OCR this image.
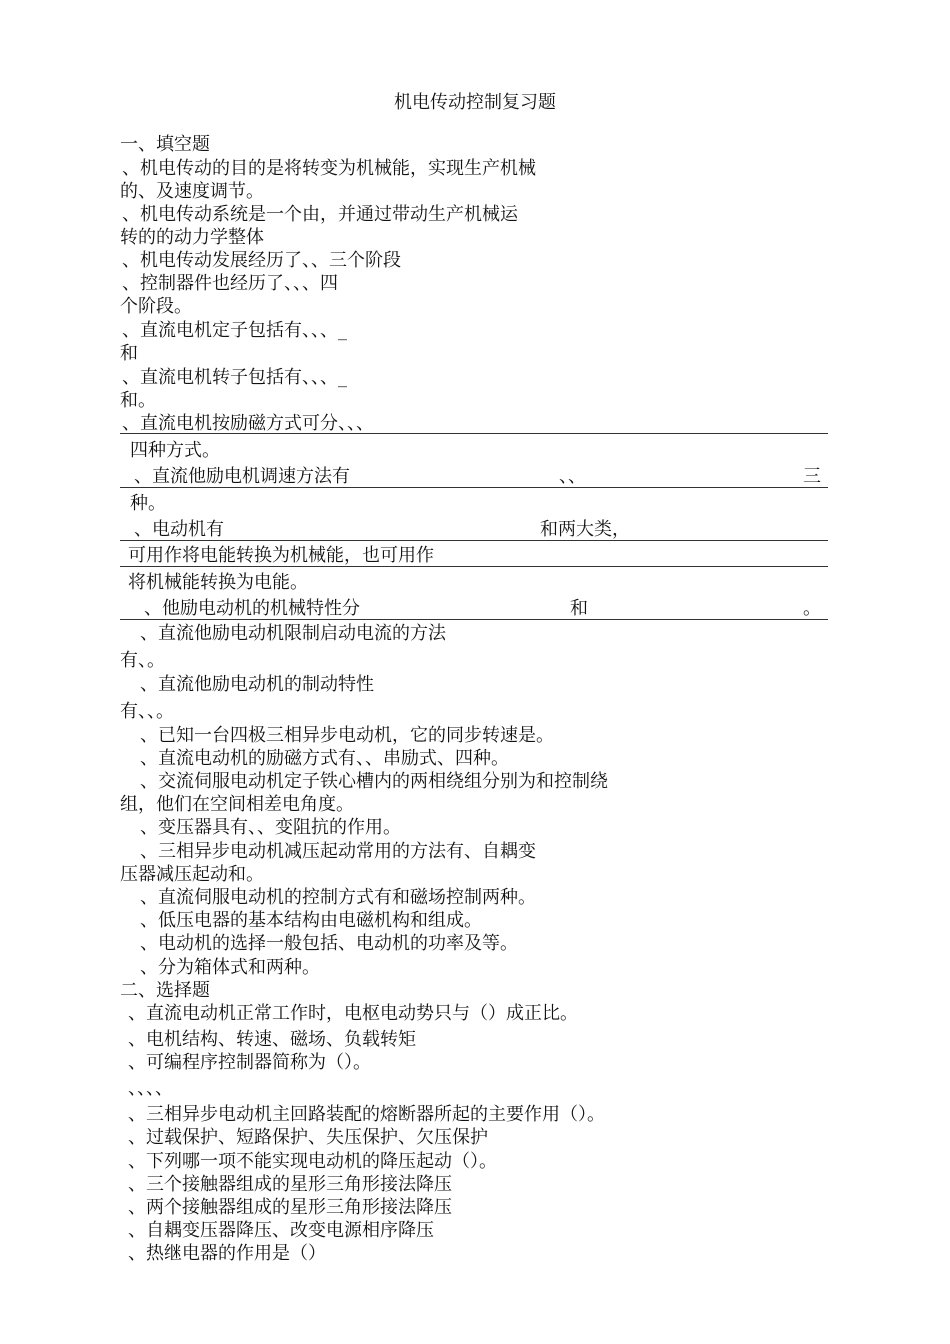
机电传动控制复习题
一、填空题
、机电传动的目的是将转变为机械能，实现生产机械
的、及速度调节。
、机电传动系统是一个由，并通过带动生产机械运
转的的动力学整体
、机电传动发展经历了、、三个阶段
、控制器件也经历了、、、四
个阶段。
、直流电机定子包括有、、、_
和
、直流电机转子包括有、、、_
和。
、直流电机按励磁方式可分、、、
四种方式。
、直流他励电机调速方法有	、、	三
种。
、电动机有	和两大类，
可用作将电能转换为机械能，也可用作
将机械能转换为电能。
、他励电动机的机械特性分	和	。
、直流他励电动机限制启动电流的方法
有、。
、直流他励电动机的制动特性
有、、。
、已知一台四极三相异步电动机，它的同步转速是。
、直流电动机的励磁方式有、、串励式、四种。
、交流伺服电动机定子铁心槽内的两相绕组分别为和控制绕
组，他们在空间相差电角度。
、变压器具有、、变阻抗的作用。
、三相异步电动机减压起动常用的方法有、自耦变
压器减压起动和。
、直流伺服电动机的控制方式有和磁场控制两种。
、低压电器的基本结构由电磁机构和组成。
、电动机的选择一般包括、电动机的功率及等。
、分为箱体式和两种。
二、选择题
、直流电动机正常工作时，电枢电动势只与（）成正比。
、电机结构、转速、磁场、负载转矩
、可编程序控制器简称为（）。
、、、、
、三相异步电动机主回路装配的熔断器所起的主要作用（）。
、过载保护、短路保护、失压保护、欠压保护
、下列哪一项不能实现电动机的降压起动（）。
、三个接触器组成的星形三角形接法降压
、两个接触器组成的星形三角形接法降压
、自耦变压器降压、改变电源相序降压
、热继电器的作用是（）
